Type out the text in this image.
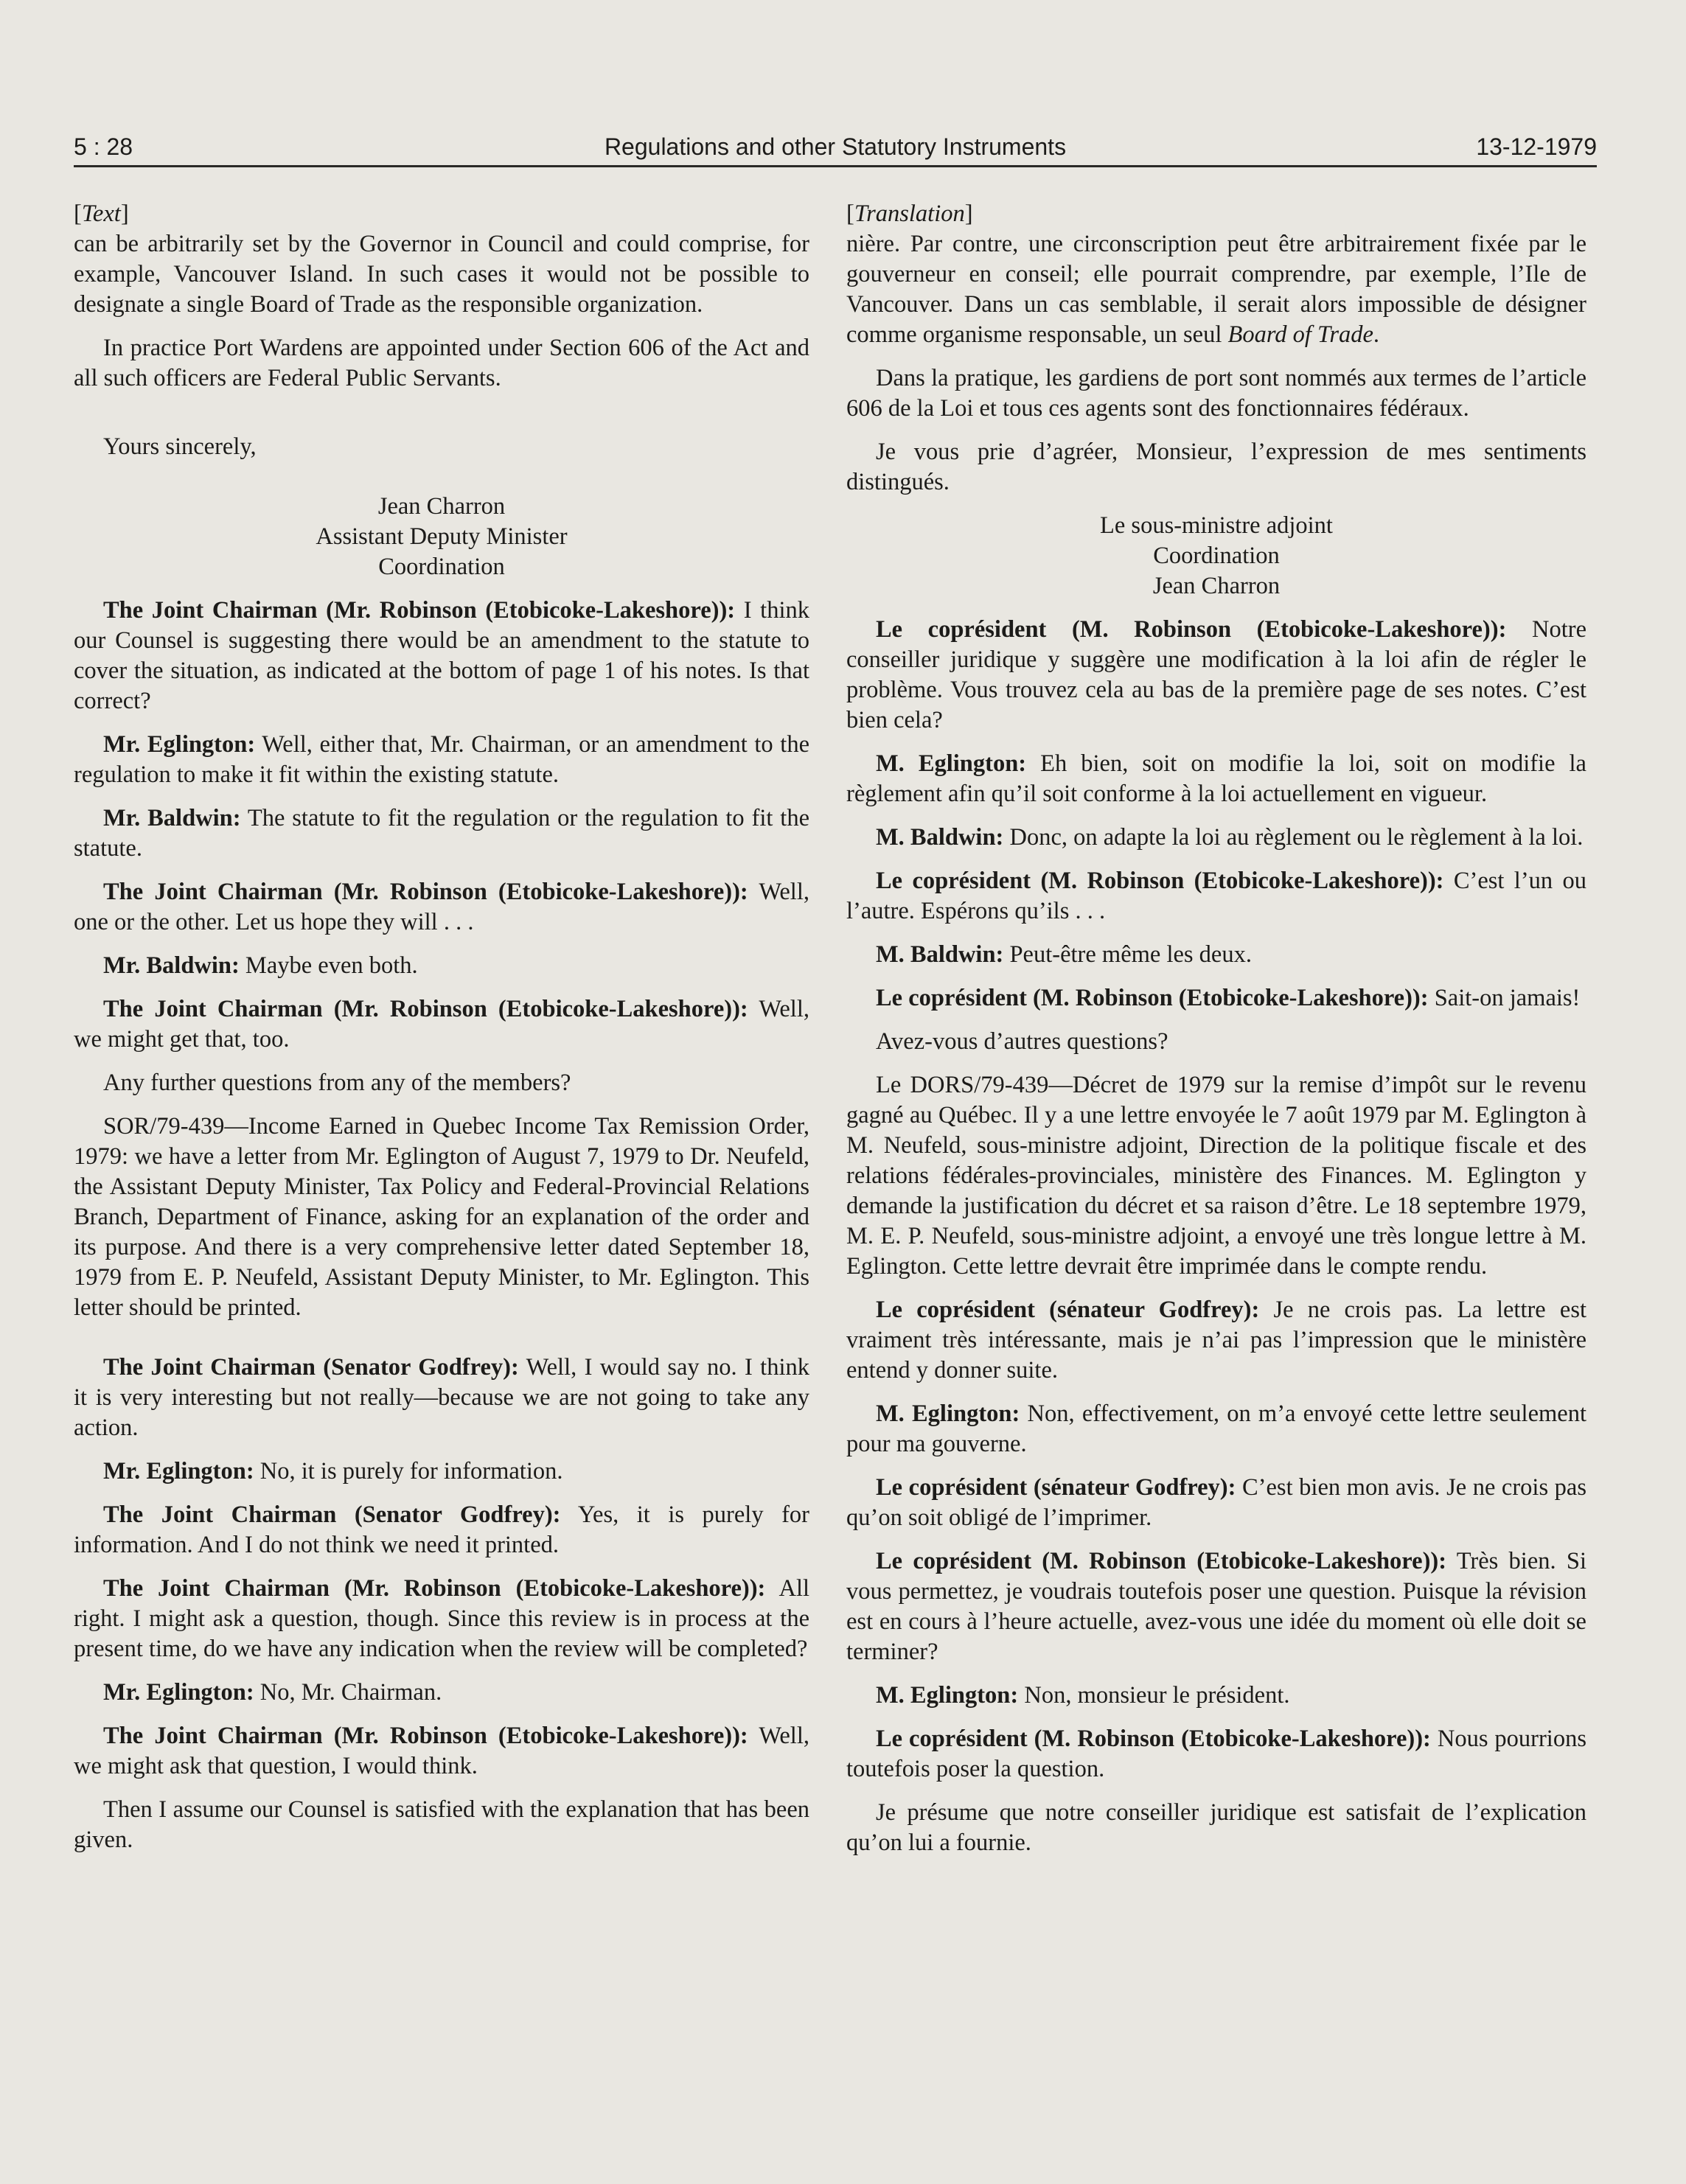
5 : 28	Regulations and other Statutory Instruments	13-12-1979

[Text]

can be arbitrarily set by the Governor in Council and could comprise, for example, Vancouver Island. In such cases it would not be possible to designate a single Board of Trade as the responsible organization.

In practice Port Wardens are appointed under Section 606 of the Act and all such officers are Federal Public Servants.

Yours sincerely,

Jean Charron
Assistant Deputy Minister
Coordination

The Joint Chairman (Mr. Robinson (Etobicoke-Lakeshore)): I think our Counsel is suggesting there would be an amendment to the statute to cover the situation, as indicated at the bottom of page 1 of his notes. Is that correct?

Mr. Eglington: Well, either that, Mr. Chairman, or an amendment to the regulation to make it fit within the existing statute.

Mr. Baldwin: The statute to fit the regulation or the regulation to fit the statute.

The Joint Chairman (Mr. Robinson (Etobicoke-Lakeshore)): Well, one or the other. Let us hope they will . . .

Mr. Baldwin: Maybe even both.

The Joint Chairman (Mr. Robinson (Etobicoke-Lakeshore)): Well, we might get that, too.

Any further questions from any of the members?

SOR/79-439—Income Earned in Quebec Income Tax Remission Order, 1979: we have a letter from Mr. Eglington of August 7, 1979 to Dr. Neufeld, the Assistant Deputy Minister, Tax Policy and Federal-Provincial Relations Branch, Department of Finance, asking for an explanation of the order and its purpose. And there is a very comprehensive letter dated September 18, 1979 from E. P. Neufeld, Assistant Deputy Minister, to Mr. Eglington. This letter should be printed.

The Joint Chairman (Senator Godfrey): Well, I would say no. I think it is very interesting but not really—because we are not going to take any action.

Mr. Eglington: No, it is purely for information.

The Joint Chairman (Senator Godfrey): Yes, it is purely for information. And I do not think we need it printed.

The Joint Chairman (Mr. Robinson (Etobicoke-Lakeshore)): All right. I might ask a question, though. Since this review is in process at the present time, do we have any indication when the review will be completed?

Mr. Eglington: No, Mr. Chairman.

The Joint Chairman (Mr. Robinson (Etobicoke-Lakeshore)): Well, we might ask that question, I would think.

Then I assume our Counsel is satisfied with the explanation that has been given.

[Translation]

nière. Par contre, une circonscription peut être arbitrairement fixée par le gouverneur en conseil; elle pourrait comprendre, par exemple, l’Ile de Vancouver. Dans un cas semblable, il serait alors impossible de désigner comme organisme responsable, un seul Board of Trade.

Dans la pratique, les gardiens de port sont nommés aux termes de l’article 606 de la Loi et tous ces agents sont des fonctionnaires fédéraux.

Je vous prie d’agréer, Monsieur, l’expression de mes sentiments distingués.

Le sous-ministre adjoint
Coordination
Jean Charron

Le coprésident (M. Robinson (Etobicoke-Lakeshore)): Notre conseiller juridique y suggère une modification à la loi afin de régler le problème. Vous trouvez cela au bas de la première page de ses notes. C’est bien cela?

M. Eglington: Eh bien, soit on modifie la loi, soit on modifie la règlement afin qu’il soit conforme à la loi actuellement en vigueur.

M. Baldwin: Donc, on adapte la loi au règlement ou le règlement à la loi.

Le coprésident (M. Robinson (Etobicoke-Lakeshore)): C’est l’un ou l’autre. Espérons qu’ils . . .

M. Baldwin: Peut-être même les deux.

Le coprésident (M. Robinson (Etobicoke-Lakeshore)): Sait-on jamais!

Avez-vous d’autres questions?

Le DORS/79-439—Décret de 1979 sur la remise d’impôt sur le revenu gagné au Québec. Il y a une lettre envoyée le 7 août 1979 par M. Eglington à M. Neufeld, sous-ministre adjoint, Direction de la politique fiscale et des relations fédérales-provinciales, ministère des Finances. M. Eglington y demande la justification du décret et sa raison d’être. Le 18 septembre 1979, M. E. P. Neufeld, sous-ministre adjoint, a envoyé une très longue lettre à M. Eglington. Cette lettre devrait être imprimée dans le compte rendu.

Le coprésident (sénateur Godfrey): Je ne crois pas. La lettre est vraiment très intéressante, mais je n’ai pas l’impression que le ministère entend y donner suite.

M. Eglington: Non, effectivement, on m’a envoyé cette lettre seulement pour ma gouverne.

Le coprésident (sénateur Godfrey): C’est bien mon avis. Je ne crois pas qu’on soit obligé de l’imprimer.

Le coprésident (M. Robinson (Etobicoke-Lakeshore)): Très bien. Si vous permettez, je voudrais toutefois poser une question. Puisque la révision est en cours à l’heure actuelle, avez-vous une idée du moment où elle doit se terminer?

M. Eglington: Non, monsieur le président.

Le coprésident (M. Robinson (Etobicoke-Lakeshore)): Nous pourrions toutefois poser la question.

Je présume que notre conseiller juridique est satisfait de l’explication qu’on lui a fournie.
